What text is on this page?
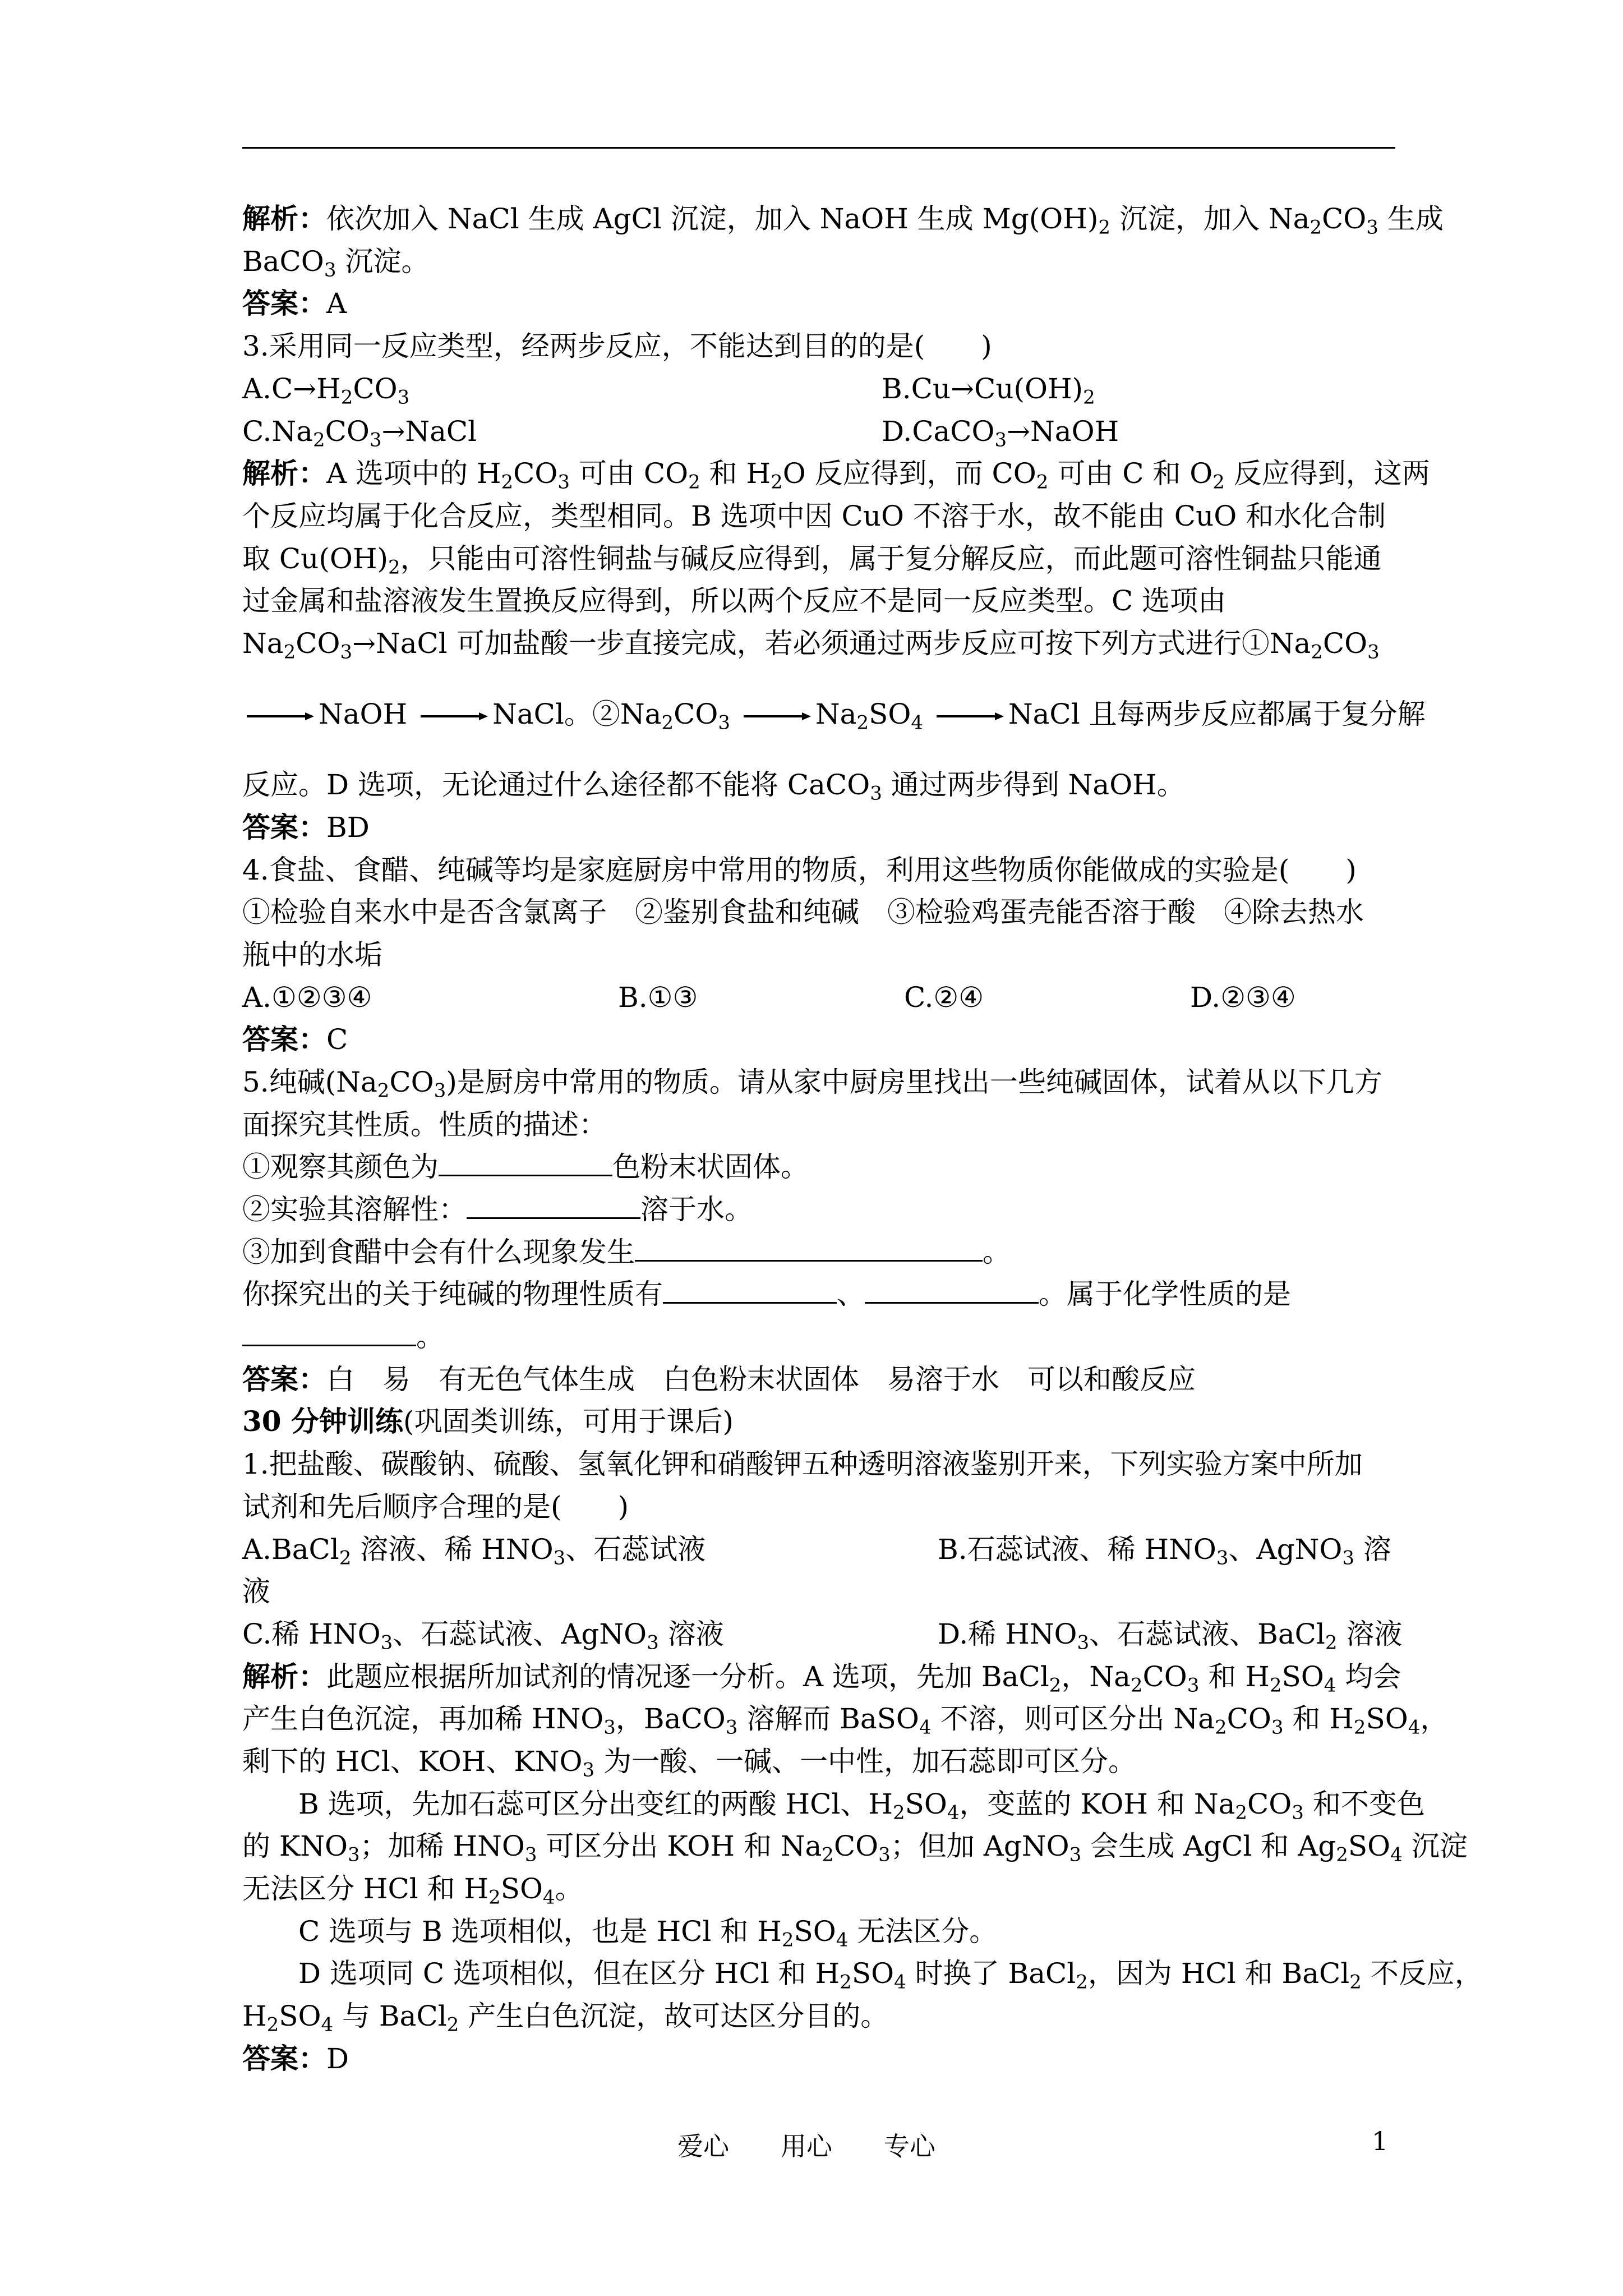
解析：依次加入 NaCl 生成 AgCl 沉淀，加入 NaOH 生成 $Mg(OH)_2$ 沉淀，加入 $Na_2CO_3$ 生成
BaCO$_3$ 沉淀。
答案：A
3.采用同一反应类型，经两步反应，不能达到目的的是(　　)
$A.C\to H_2CO_3$	$B.Cu\to Cu(OH)_2$
$C.Na_2CO_3\to NaCl$	D.CaCO$_3$→NaOH
解析：A 选项中的 $H_2CO_3$ 可由 $CO_2$ 和 $H_2O$ 反应得到，而 $CO_2$ 可由 C 和 $O_2$ 反应得到，这两
个反应均属于化合反应，类型相同。B 选项中因 CuO 不溶于水，故不能由 CuO 和水化合制
取 $Cu(OH)_2$，只能由可溶性铜盐与碱反应得到，属于复分解反应，而此题可溶性铜盐只能通
过金属和盐溶液发生置换反应得到，所以两个反应不是同一反应类型。C 选项由
$Na_2CO_3\to NaCl$ 可加盐酸一步直接完成，若必须通过两步反应可按下列方式进行$①Na_2CO_3$
→ NaOH → NaCl。$②Na_2CO_3 \to Na_2SO_4$ → NaCl 且每两步反应都属于复分解
反应。D 选项，无论通过什么途径都不能将 CaCO$_3$ 通过两步得到 NaOH。
答案：BD
4.食盐、食醋、纯碱等均是家庭厨房中常用的物质，利用这些物质你能做成的实验是(　　)
①检验自来水中是否含氯离子　②鉴别食盐和纯碱　③检验鸡蛋壳能否溶于酸　④除去热水
瓶中的水垢
A.①②③④	B.①③	C.②④	D.②③④
答案：C
5.纯碱$(Na_2CO_3)$是厨房中常用的物质。请从家中厨房里找出一些纯碱固体，试着从以下几方
面探究其性质。性质的描述：
①观察其颜色为	色粉末状固体。
②实验其溶解性：	溶于水。
③加到食醋中会有什么现象发生	。
你探究出的关于纯碱的物理性质有	、	。属于化学性质的是
。
答案：白　易　有无色气体生成　白色粉末状固体　易溶于水　可以和酸反应
30 分钟训练(巩固类训练，可用于课后)
1.把盐酸、碳酸钠、硫酸、氢氧化钾和硝酸钾五种透明溶液鉴别开来，下列实验方案中所加
试剂和先后顺序合理的是(　　)
A.BaCl$_2$ 溶液、稀 $HNO_3$、石蕊试液	B.石蕊试液、稀 $HNO_3$、AgNO$_3$ 溶
液
C.稀 $HNO_3$、石蕊试液、AgNO$_3$ 溶液	D.稀 $HNO_3$、石蕊试液、BaCl$_2$ 溶液
解析：此题应根据所加试剂的情况逐一分析。A 选项，先加 BaCl$_2$，$Na_2CO_3$ 和 $H_2SO_4$ 均会
产生白色沉淀，再加稀 $HNO_3$，BaCO$_3$ 溶解而 BaSO$_4$ 不溶，则可区分出 $Na_2CO_3$ 和 $H_2SO_4$，
剩下的 HCl、KOH、$KNO_3$ 为一酸、一碱、一中性，加石蕊即可区分。
　　B 选项，先加石蕊可区分出变红的两酸 HCl、$H_2SO_4$，变蓝的 KOH 和 $Na_2CO_3$ 和不变色
的 $KNO_3$；加稀 $HNO_3$ 可区分出 KOH 和 $Na_2CO_3$；但加 AgNO$_3$ 会生成 AgCl 和 $Ag_2SO_4$ 沉淀
无法区分 HCl 和 $H_2SO_4$。
　　C 选项与 B 选项相似，也是 HCl 和 $H_2SO_4$ 无法区分。
　　D 选项同 C 选项相似，但在区分 HCl 和 $H_2SO_4$ 时换了 BaCl$_2$，因为 HCl 和 BaCl$_2$ 不反应，
$H_2SO_4$ 与 BaCl$_2$ 产生白色沉淀，故可达区分目的。
答案：D
爱心　　用心　　专心	1
